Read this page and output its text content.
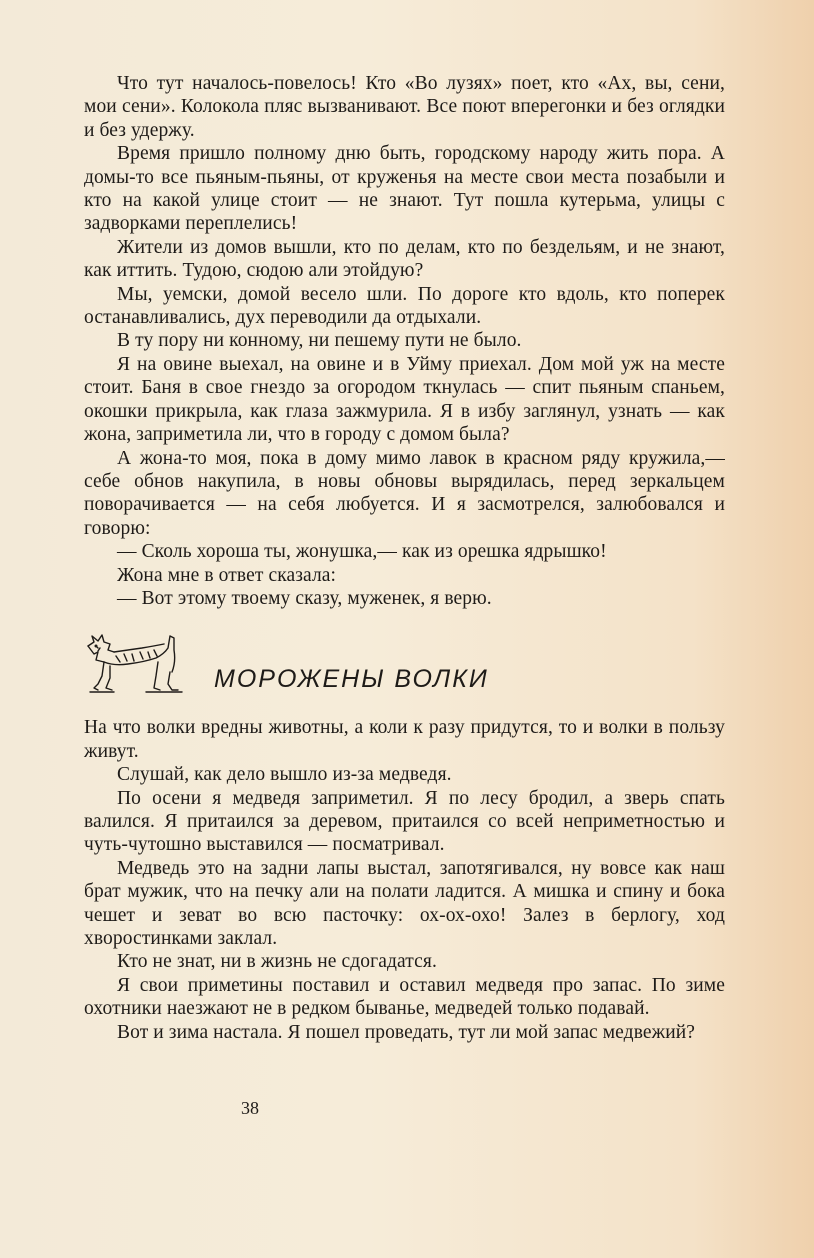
Что тут началось-повелось! Кто «Во лузях» поет, кто «Ах, вы, сени, мои сени». Колокола пляс вызванивают. Все поют вперегонки и без оглядки и без удержу.

Время пришло полному дню быть, городскому народу жить пора. А домы-то все пьяным-пьяны, от круженья на месте свои места позабыли и кто на какой улице стоит — не знают. Тут пошла кутерьма, улицы с задворками переплелись!

Жители из домов вышли, кто по делам, кто по бездельям, и не знают, как иттить. Тудою, сюдою али этойдую?

Мы, уемски, домой весело шли. По дороге кто вдоль, кто поперек останавливались, дух переводили да отдыхали.

В ту пору ни конному, ни пешему пути не было.

Я на овине выехал, на овине и в Уйму приехал. Дом мой уж на месте стоит. Баня в свое гнездо за огородом ткнулась — спит пьяным спаньем, окошки прикрыла, как глаза зажмурила. Я в избу заглянул, узнать — как жона, заприметила ли, что в городу с домом была?

А жона-то моя, пока в дому мимо лавок в красном ряду кружила,— себе обнов накупила, в новы обновы вырядилась, перед зеркальцем поворачивается — на себя любуется. И я засмотрелся, залюбовался и говорю:

— Сколь хороша ты, жонушка,— как из орешка ядрышко!

Жона мне в ответ сказала:

— Вот этому твоему сказу, муженек, я верю.

МОРОЖЕНЫ ВОЛКИ

На что волки вредны животны, а коли к разу придутся, то и волки в пользу живут.

Слушай, как дело вышло из-за медведя.

По осени я медведя заприметил. Я по лесу бродил, а зверь спать валился. Я притаился за деревом, притаился со всей неприметностью и чуть-чутошно выставился — посматривал.

Медведь это на задни лапы выстал, запотягивался, ну вовсе как наш брат мужик, что на печку али на полати ладится. А мишка и спину и бока чешет и зеват во всю пасточку: ох-ох-охо! Залез в берлогу, ход хворостинками заклал.

Кто не знат, ни в жизнь не сдогадатся.

Я свои приметины поставил и оставил медведя про запас. По зиме охотники наезжают не в редком бываньe, медведей только подавай.

Вот и зима настала. Я пошел проведать, тут ли мой запас медвежий?

38
